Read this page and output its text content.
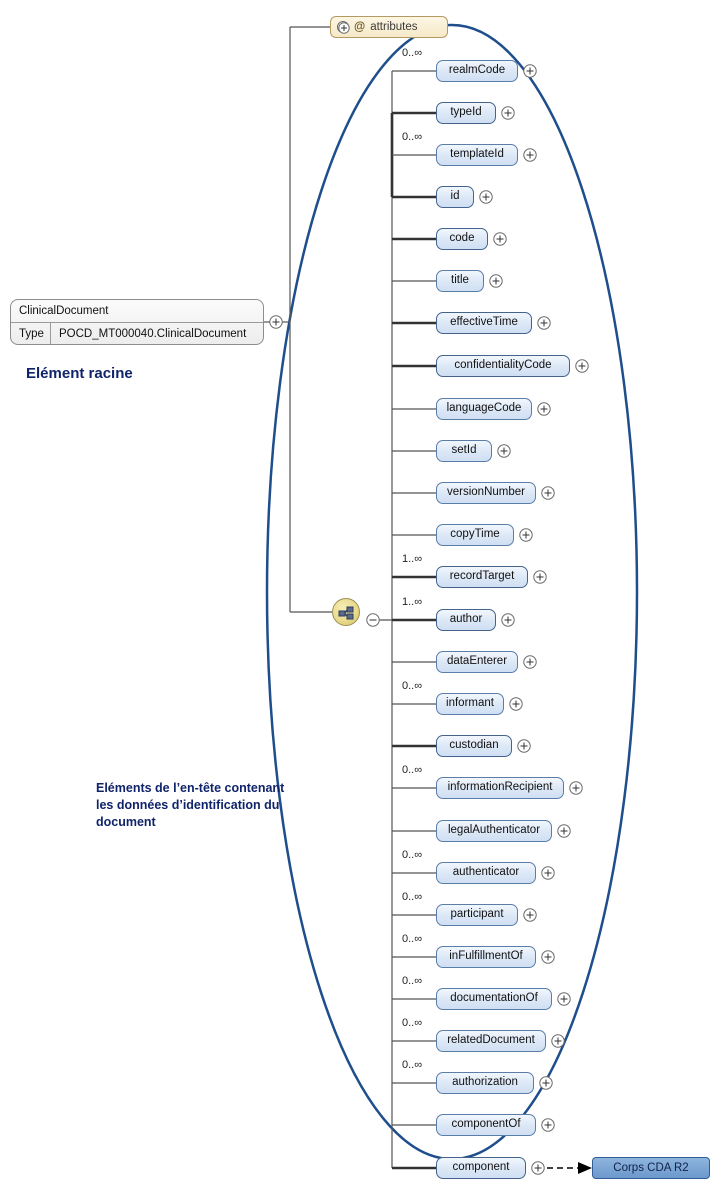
@ attributes
ClinicalDocument
Type	POCD_MT000040.ClinicalDocument
Elément racine
Eléments de l’en-tête contenant les données d’identification du document
realmCode
0..∞
typeId
templateId
0..∞
id
code
title
effectiveTime
confidentialityCode
languageCode
setId
versionNumber
copyTime
recordTarget
1..∞
author
1..∞
dataEnterer
informant
0..∞
custodian
informationRecipient
0..∞
legalAuthenticator
authenticator
0..∞
participant
0..∞
inFulfillmentOf
0..∞
documentationOf
0..∞
relatedDocument
0..∞
authorization
0..∞
componentOf
component	Corps CDA R2
